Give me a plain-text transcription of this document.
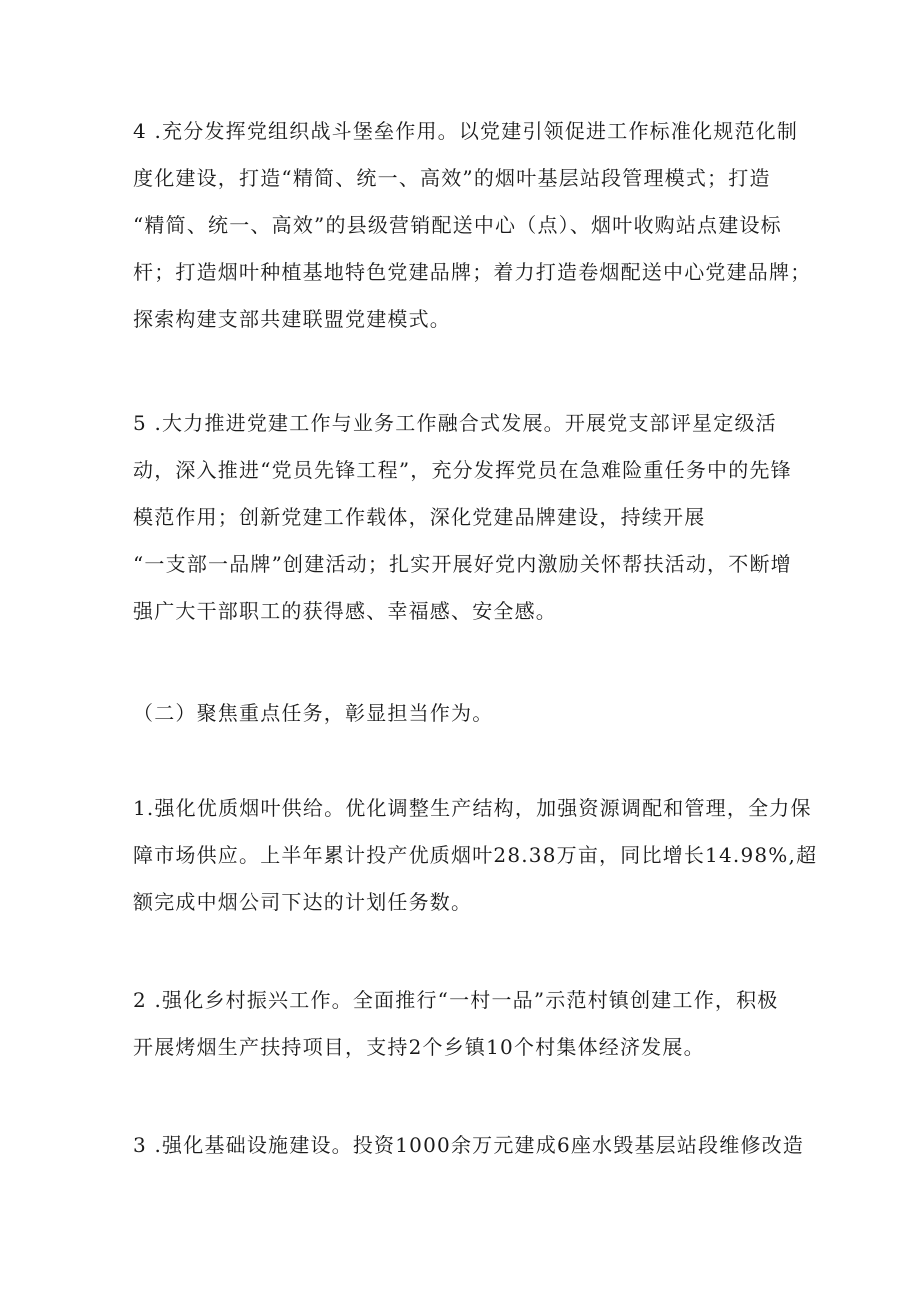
4 .充分发挥党组织战斗堡垒作用。以党建引领促进工作标准化规范化制
度化建设，打造“精简、统一、高效”的烟叶基层站段管理模式；打造
“精简、统一、高效”的县级营销配送中心（点）、烟叶收购站点建设标
杆；打造烟叶种植基地特色党建品牌；着力打造卷烟配送中心党建品牌；
探索构建支部共建联盟党建模式。

5 .大力推进党建工作与业务工作融合式发展。开展党支部评星定级活
动，深入推进“党员先锋工程”，充分发挥党员在急难险重任务中的先锋
模范作用；创新党建工作载体，深化党建品牌建设，持续开展
“一支部一品牌”创建活动；扎实开展好党内激励关怀帮扶活动，不断增
强广大干部职工的获得感、幸福感、安全感。

（二）聚焦重点任务，彰显担当作为。

1.强化优质烟叶供给。优化调整生产结构，加强资源调配和管理，全力保
障市场供应。上半年累计投产优质烟叶28.38万亩，同比增长14.98%,超
额完成中烟公司下达的计划任务数。

2 .强化乡村振兴工作。全面推行“一村一品”示范村镇创建工作，积极
开展烤烟生产扶持项目，支持2个乡镇10个村集体经济发展。

3 .强化基础设施建设。投资1000余万元建成6座水毁基层站段维修改造
